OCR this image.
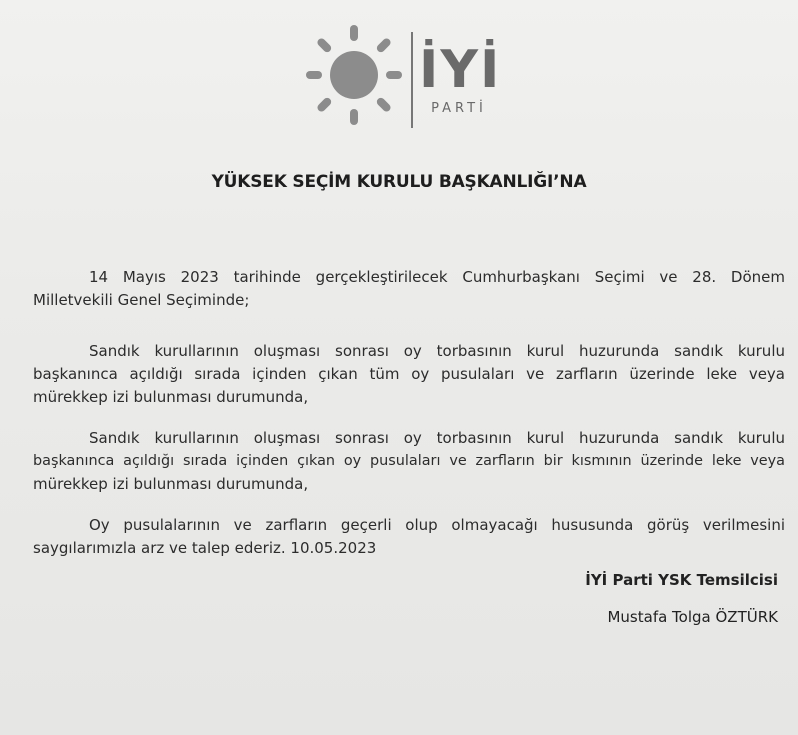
İYİ
PARTİ
YÜKSEK SEÇİM KURULU BAŞKANLIĞI’NA
14 Mayıs 2023 tarihinde gerçekleştirilecek Cumhurbaşkanı Seçimi ve 28. Dönem
Milletvekili Genel Seçiminde;
Sandık kurullarının oluşması sonrası oy torbasının kurul huzurunda sandık kurulu
başkanınca açıldığı sırada içinden çıkan tüm oy pusulaları ve zarfların üzerinde leke veya
mürekkep izi bulunması durumunda,
Sandık kurullarının oluşması sonrası oy torbasının kurul huzurunda sandık kurulu
başkanınca açıldığı sırada içinden çıkan oy pusulaları ve zarfların bir kısmının üzerinde leke veya
mürekkep izi bulunması durumunda,
Oy pusulalarının ve zarfların geçerli olup olmayacağı hususunda görüş verilmesini
saygılarımızla arz ve talep ederiz. 10.05.2023
İYİ Parti YSK Temsilcisi
Mustafa Tolga ÖZTÜRK
